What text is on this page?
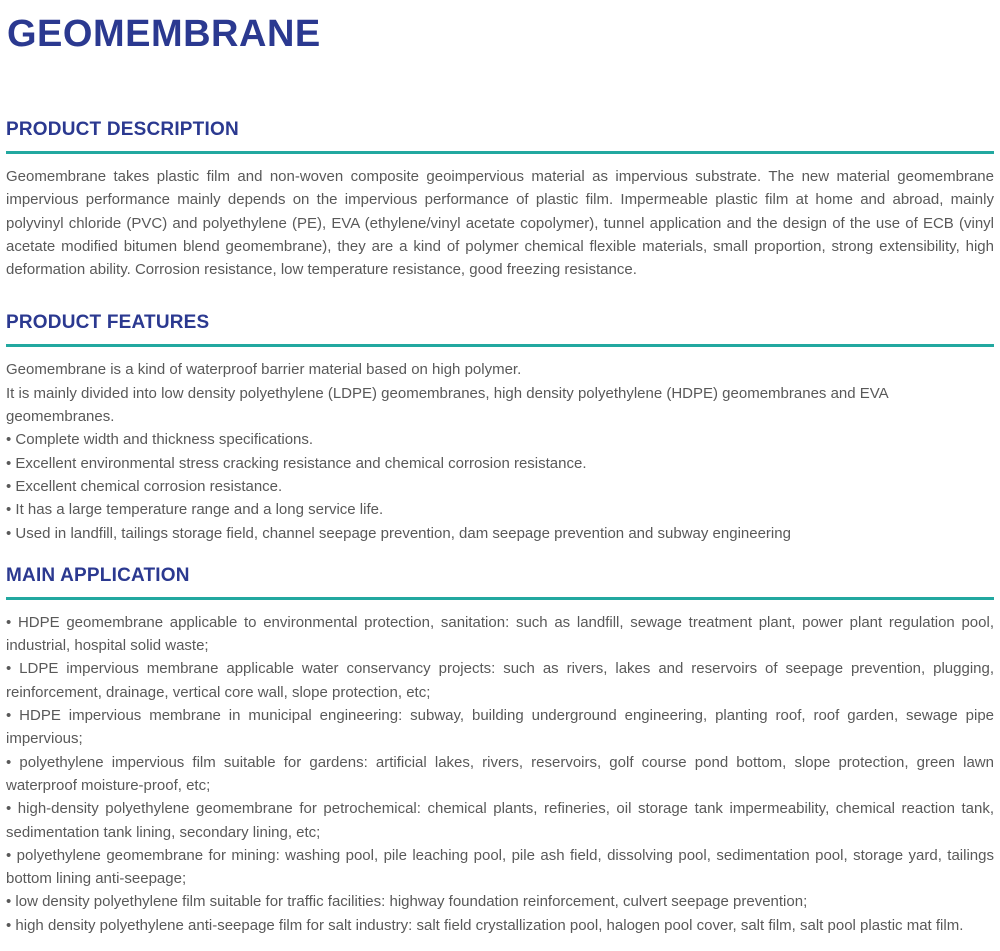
GEOMEMBRANE
PRODUCT DESCRIPTION

Geomembrane takes plastic film and non-woven composite geoimpervious material as impervious substrate. The new material geomembrane impervious performance mainly depends on the impervious performance of plastic film. Impermeable plastic film at home and abroad, mainly polyvinyl chloride (PVC) and polyethylene (PE), EVA (ethylene/vinyl acetate copolymer), tunnel application and the design of the use of ECB (vinyl acetate modified bitumen blend geomembrane), they are a kind of polymer chemical flexible materials, small proportion, strong extensibility, high deformation ability. Corrosion resistance, low temperature resistance, good freezing resistance.

PRODUCT FEATURES

Geomembrane is a kind of waterproof barrier material based on high polymer.

It is mainly divided into low density polyethylene (LDPE) geomembranes, high density polyethylene (HDPE) geomembranes and EVA geomembranes.

• Complete width and thickness specifications.

• Excellent environmental stress cracking resistance and chemical corrosion resistance.

• Excellent chemical corrosion resistance.

• It has a large temperature range and a long service life.

• Used in landfill, tailings storage field, channel seepage prevention, dam seepage prevention and subway engineering

MAIN APPLICATION

• HDPE geomembrane applicable to environmental protection, sanitation: such as landfill, sewage treatment plant, power plant regulation pool, industrial, hospital solid waste;

• LDPE impervious membrane applicable water conservancy projects: such as rivers, lakes and reservoirs of seepage prevention, plugging, reinforcement, drainage, vertical core wall, slope protection, etc;

• HDPE impervious membrane in municipal engineering: subway, building underground engineering, planting roof, roof garden, sewage pipe impervious;

• polyethylene impervious film suitable for gardens: artificial lakes, rivers, reservoirs, golf course pond bottom, slope protection, green lawn waterproof moisture-proof, etc;

• high-density polyethylene geomembrane for petrochemical: chemical plants, refineries, oil storage tank impermeability, chemical reaction tank, sedimentation tank lining, secondary lining, etc;

• polyethylene geomembrane for mining: washing pool, pile leaching pool, pile ash field, dissolving pool, sedimentation pool, storage yard, tailings bottom lining anti-seepage;

• low density polyethylene film suitable for traffic facilities: highway foundation reinforcement, culvert seepage prevention;

• high density polyethylene anti-seepage film for salt industry: salt field crystallization pool, halogen pool cover, salt film, salt pool plastic mat film.
